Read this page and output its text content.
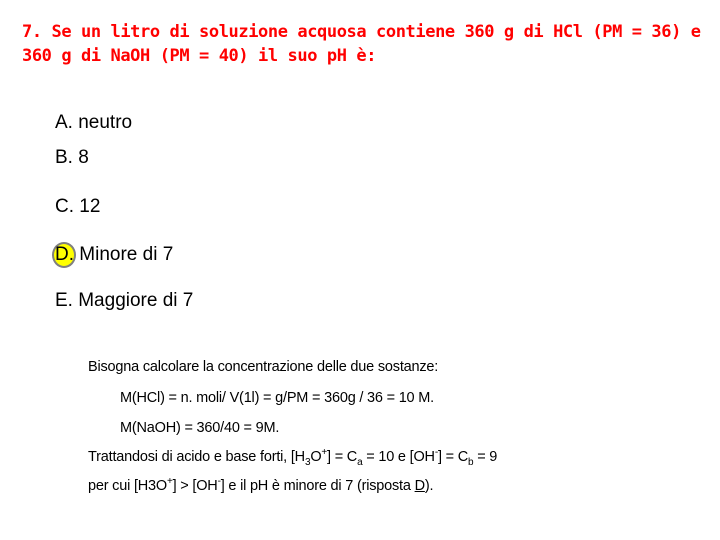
7. Se un litro di soluzione acquosa contiene 360 g di HCl (PM = 36) e
360 g di NaOH (PM = 40) il suo pH è:
A. neutro
B. 8
C. 12
D. Minore di 7
E. Maggiore di 7
Bisogna calcolare la concentrazione delle due sostanze:
M(HCl) = n. moli/ V(1l) = g/PM = 360g / 36 = 10 M.
M(NaOH) = 360/40 = 9M.
Trattandosi di acido e base forti, $[H_3O^+] = C_a = 10$ e $[OH^-] = C_b = 9$
per cui [H3O+] > [OH-] e il pH è minore di 7 (risposta D).
